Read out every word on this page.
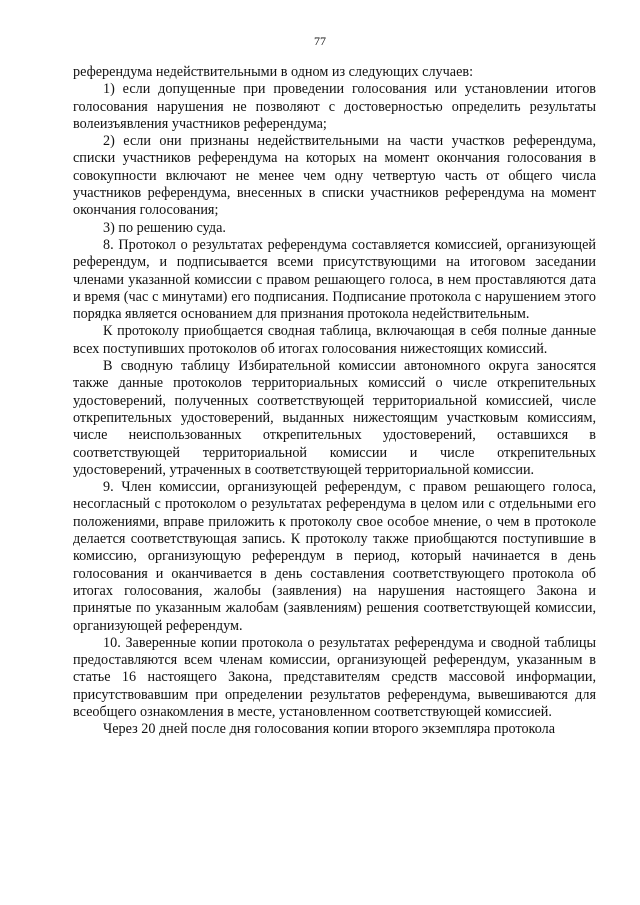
77

референдума недействительными в одном из следующих случаев:

1) если допущенные при проведении голосования или установлении итогов голосования нарушения не позволяют с достоверностью определить результаты волеизъявления участников референдума;

2) если они признаны недействительными на части участков референдума, списки участников референдума на которых на момент окончания голосования в совокупности включают не менее чем одну четвертую часть от общего числа участников референдума, внесенных в списки участников референдума на момент окончания голосования;

3) по решению суда.

8. Протокол о результатах референдума составляется комиссией, организующей референдум, и подписывается всеми присутствующими на итоговом заседании членами указанной комиссии с правом решающего голоса, в нем проставляются дата и время (час с минутами) его подписания. Подписание протокола с нарушением этого порядка является основанием для признания протокола недействительным.

К протоколу приобщается сводная таблица, включающая в себя полные данные всех поступивших протоколов об итогах голосования нижестоящих комиссий.

В сводную таблицу Избирательной комиссии автономного округа заносятся также данные протоколов территориальных комиссий о числе открепительных удостоверений, полученных соответствующей территориальной комиссией, числе открепительных удостоверений, выданных нижестоящим участковым комиссиям, числе неиспользованных открепительных удостоверений, оставшихся в соответствующей территориальной комиссии и числе открепительных удостоверений, утраченных в соответствующей территориальной комиссии.

9. Член комиссии, организующей референдум, с правом решающего голоса, несогласный с протоколом о результатах референдума в целом или с отдельными его положениями, вправе приложить к протоколу свое особое мнение, о чем в протоколе делается соответствующая запись. К протоколу также приобщаются поступившие в комиссию, организующую референдум в период, который начинается в день голосования и оканчивается в день составления соответствующего протокола об итогах голосования, жалобы (заявления) на нарушения настоящего Закона и принятые по указанным жалобам (заявлениям) решения соответствующей комиссии, организующей референдум.

10. Заверенные копии протокола о результатах референдума и сводной таблицы предоставляются всем членам комиссии, организующей референдум, указанным в статье 16 настоящего Закона, представителям средств массовой информации, присутствовавшим при определении результатов референдума, вывешиваются для всеобщего ознакомления в месте, установленном соответствующей комиссией.

Через 20 дней после дня голосования копии второго экземпляра протокола
